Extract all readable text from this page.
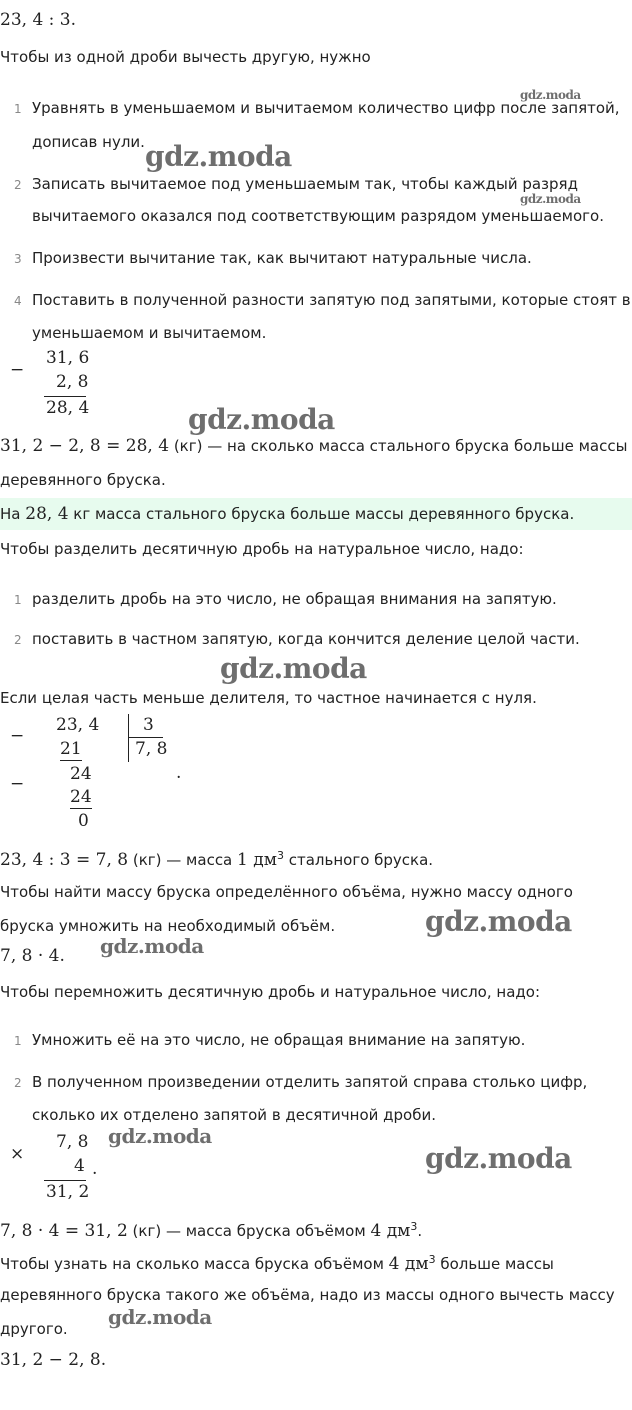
23, 4 : 3.
Чтобы из одной дроби вычесть другую, нужно
1 Уравнять в уменьшаемом и вычитаемом количество цифр после запятой,
дописав нули.
2 Записать вычитаемое под уменьшаемым так, чтобы каждый разряд
вычитаемого оказался под соответствующим разрядом уменьшаемого.
3 Произвести вычитание так, как вычитают натуральные числа.
4 Поставить в полученной разности запятую под запятыми, которые стоят в
уменьшаемом и вычитаемом.
−
31, 6
2, 8
28, 4
31, 2 − 2, 8 = 28, 4 (кг) — на сколько масса стального бруска больше массы
деревянного бруска.
На 28, 4 кг масса стального бруска больше массы деревянного бруска.
Чтобы разделить десятичную дробь на натуральное число, надо:
1 разделить дробь на это число, не обращая внимания на запятую.
2 поставить в частном запятую, когда кончится деление целой части.
Если целая часть меньше делителя, то частное начинается с нуля.
−
23, 4
21
3
7, 8
.
−	24
24
0
23, 4 : 3 = 7, 8 (кг) — масса 1 $дм^3$ стального бруска.
Чтобы найти массу бруска определённого объёма, нужно массу одного
бруска умножить на необходимый объём.
7, 8 · 4.
Чтобы перемножить десятичную дробь и натуральное число, надо:
1 Умножить её на это число, не обращая внимание на запятую.
2 В полученном произведении отделить запятой справа столько цифр,
сколько их отделено запятой в десятичной дроби.
×
7, 8
4 .
31, 2
7, 8 · 4 = 31, 2 (кг) — масса бруска объёмом 4 $дм^3$.
Чтобы узнать на сколько масса бруска объёмом 4 $дм^3$ больше массы
деревянного бруска такого же объёма, надо из массы одного вычесть массу
другого.
31, 2 − 2, 8.
gdz.moda
gdz.moda
gdz.moda
gdz.moda
gdz.moda
gdz.moda
gdz.moda
gdz.moda
gdz.moda
gdz.moda
